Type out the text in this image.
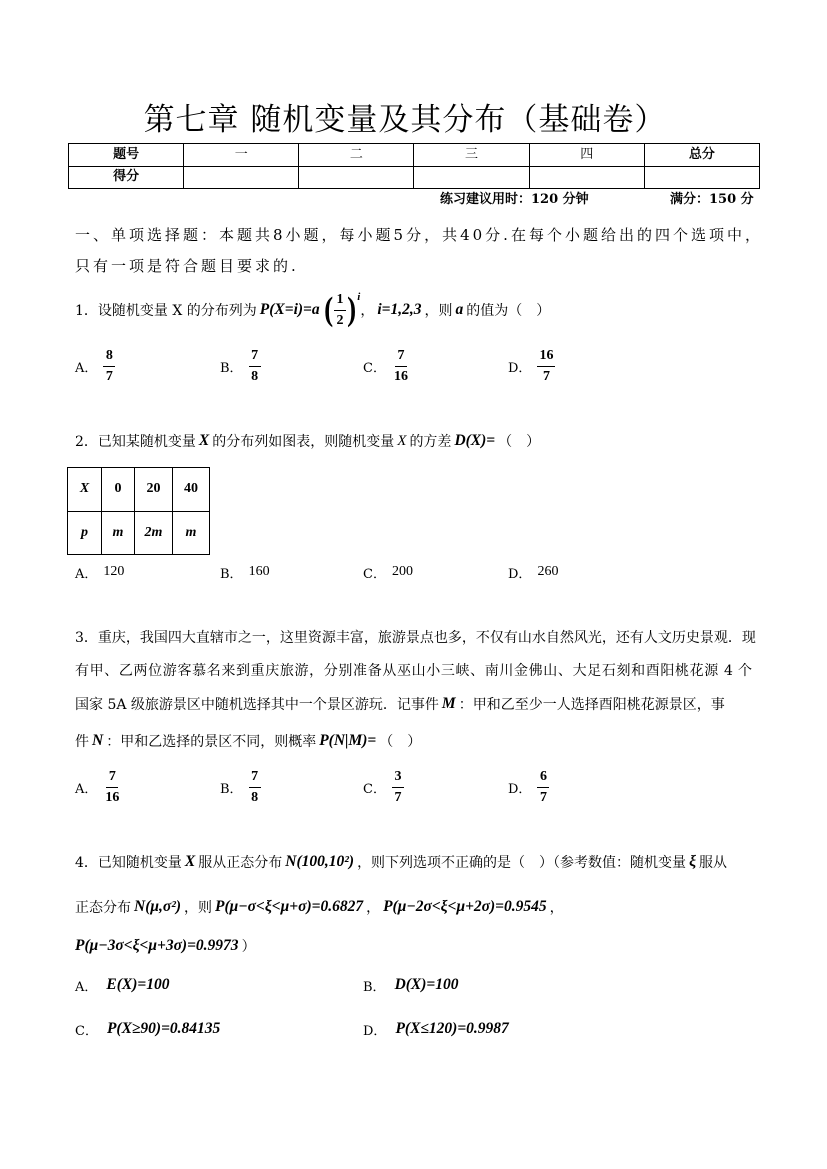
第七章 随机变量及其分布（基础卷）
题号	一	二	三	四	总分
得分					
练习建议用时：120 分钟	满分：150 分
一、单项选择题：本题共8小题，每小题5分，共40分.在每个小题给出的四个选项中，
只有一项是符合题目要求的.
1．设随机变量 X 的分布列为 P(X=i)=a ( $\frac{1}{2}$ ) i
， i=1,2,3 ，则 a 的值为（　）
A． $\frac{8}{7}$	B． $\frac{7}{8}$	C． $\frac{7}{16}$	D． $\frac{16}{7}$
2．已知某随机变量 X 的分布列如图表，则随机变量 X 的方差 D(X)= （　）
X	0	20	40
p	m	2m	m
A． 120	B． 160	C． 200	D． 260
3．重庆，我国四大直辖市之一，这里资源丰富，旅游景点也多，不仅有山水自然风光，还有人文历史景观．现
有甲、乙两位游客慕名来到重庆旅游，分别准备从巫山小三峡、南川金佛山、大足石刻和酉阳桃花源 4 个
国家 5A 级旅游景区中随机选择其中一个景区游玩．记事件 M ：甲和乙至少一人选择酉阳桃花源景区，事
件 N ：甲和乙选择的景区不同，则概率 P(N|M)= （　）
A． $\frac{7}{16}$	B． $\frac{7}{8}$	C． $\frac{3}{7}$	D． $\frac{6}{7}$
4．已知随机变量 X 服从正态分布 N(100,10²) ，则下列选项不正确的是（　）（参考数值：随机变量 ξ 服从
正态分布 N(μ,σ²) ，则 P(μ−σ<ξ<μ+σ)=0.6827 ， P(μ−2σ<ξ<μ+2σ)=0.9545 ，
P(μ−3σ<ξ<μ+3σ)=0.9973 ）
A． E(X)=100	B． D(X)=100
C． P(X≥90)=0.84135	D． P(X≤120)=0.9987
